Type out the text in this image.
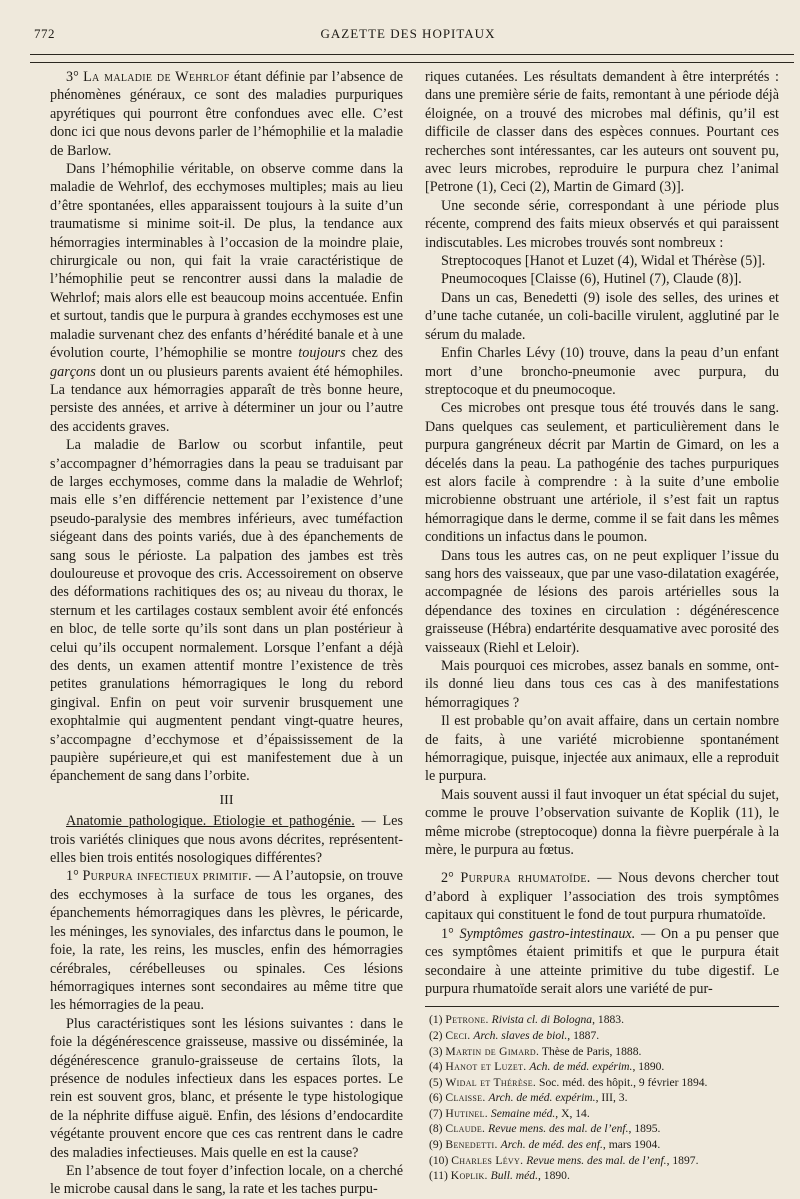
772	GAZETTE DES HOPITAUX

3° La maladie de Wehrlof étant définie par l’absence de phénomènes généraux, ce sont des maladies purpuriques apyrétiques qui pourront être confondues avec elle. C’est donc ici que nous devons parler de l’hémophilie et la maladie de Barlow.

Dans l’hémophilie véritable, on observe comme dans la maladie de Wehrlof, des ecchymoses multiples; mais au lieu d’être spontanées, elles apparaissent toujours à la suite d’un traumatisme si minime soit-il. De plus, la tendance aux hémorragies interminables à l’occasion de la moindre plaie, chirurgicale ou non, qui fait la vraie caractéristique de l’hémophilie peut se rencontrer aussi dans la maladie de Wehrlof; mais alors elle est beaucoup moins accentuée. Enfin et surtout, tandis que le purpura à grandes ecchymoses est une maladie survenant chez des enfants d’hérédité banale et à une évolution courte, l’hémophilie se montre toujours chez des garçons dont un ou plusieurs parents avaient été hémophiles. La tendance aux hémorragies apparaît de très bonne heure, persiste des années, et arrive à déterminer un jour ou l’autre des accidents graves.

La maladie de Barlow ou scorbut infantile, peut s’accompagner d’hémorragies dans la peau se traduisant par de larges ecchymoses, comme dans la maladie de Wehrlof; mais elle s’en différencie nettement par l’existence d’une pseudo-paralysie des membres inférieurs, avec tuméfaction siégeant dans des points variés, due à des épanchements de sang sous le périoste. La palpation des jambes est très douloureuse et provoque des cris. Accessoirement on observe des déformations rachitiques des os; au niveau du thorax, le sternum et les cartilages costaux semblent avoir été enfoncés en bloc, de telle sorte qu’ils sont dans un plan postérieur à celui qu’ils occupent normalement. Lorsque l’enfant a déjà des dents, un examen attentif montre l’existence de très petites granulations hémorragiques le long du rebord gingival. Enfin on peut voir survenir brusquement une exophtalmie qui augmentent pendant vingt-quatre heures, s’accompagne d’ecchymose et d’épaississement de la paupière supérieure,et qui est manifestement due à un épanchement de sang dans l’orbite.

III

Anatomie pathologique. Etiologie et pathogénie. — Les trois variétés cliniques que nous avons décrites, représentent-elles bien trois entités nosologiques différentes?

1° Purpura infectieux primitif. — A l’autopsie, on trouve des ecchymoses à la surface de tous les organes, des épanchements hémorragiques dans les plèvres, le péricarde, les méninges, les synoviales, des infarctus dans le poumon, le foie, la rate, les reins, les muscles, enfin des hémorragies cérébrales, cérébelleuses ou spinales. Ces lésions hémorragiques internes sont secondaires au même titre que les hémorragies de la peau.

Plus caractéristiques sont les lésions suivantes : dans le foie la dégénérescence graisseuse, massive ou disséminée, la dégénérescence granulo-graisseuse de certains îlots, la présence de nodules infectieux dans les espaces portes. Le rein est souvent gros, blanc, et présente le type histologique de la néphrite diffuse aiguë. Enfin, des lésions d’endocardite végétante prouvent encore que ces cas rentrent dans le cadre des maladies infectieuses. Mais quelle en est la cause?

En l’absence de tout foyer d’infection locale, on a cherché le microbe causal dans le sang, la rate et les taches purpu-

riques cutanées. Les résultats demandent à être interprétés : dans une première série de faits, remontant à une période déjà éloignée, on a trouvé des microbes mal définis, qu’il est difficile de classer dans des espèces connues. Pourtant ces recherches sont intéressantes, car les auteurs ont souvent pu, avec leurs microbes, reproduire le purpura chez l’animal [Petrone (1), Ceci (2), Martin de Gimard (3)].

Une seconde série, correspondant à une période plus récente, comprend des faits mieux observés et qui paraissent indiscutables. Les microbes trouvés sont nombreux :

Streptocoques [Hanot et Luzet (4), Widal et Thérèse (5)].

Pneumocoques [Claisse (6), Hutinel (7), Claude (8)].

Dans un cas, Benedetti (9) isole des selles, des urines et d’une tache cutanée, un coli-bacille virulent, agglutiné par le sérum du malade.

Enfin Charles Lévy (10) trouve, dans la peau d’un enfant mort d’une broncho-pneumonie avec purpura, du streptocoque et du pneumocoque.

Ces microbes ont presque tous été trouvés dans le sang. Dans quelques cas seulement, et particulièrement dans le purpura gangréneux décrit par Martin de Gimard, on les a décelés dans la peau. La pathogénie des taches purpuriques est alors facile à comprendre : à la suite d’une embolie microbienne obstruant une artériole, il s’est fait un raptus hémorragique dans le derme, comme il se fait dans les mêmes conditions un infactus dans le poumon.

Dans tous les autres cas, on ne peut expliquer l’issue du sang hors des vaisseaux, que par une vaso-dilatation exagérée, accompagnée de lésions des parois artérielles sous la dépendance des toxines en circulation : dégénérescence graisseuse (Hébra) endartérite desquamative avec porosité des vaisseaux (Riehl et Leloir).

Mais pourquoi ces microbes, assez banals en somme, ont-ils donné lieu dans tous ces cas à des manifestations hémorragiques ?

Il est probable qu’on avait affaire, dans un certain nombre de faits, à une variété microbienne spontanément hémorragique, puisque, injectée aux animaux, elle a reproduit le purpura.

Mais souvent aussi il faut invoquer un état spécial du sujet, comme le prouve l’observation suivante de Koplik (11), le même microbe (streptocoque) donna la fièvre puerpérale à la mère, le purpura au fœtus.

2° Purpura rhumatoïde. — Nous devons chercher tout d’abord à expliquer l’association des trois symptômes capitaux qui constituent le fond de tout purpura rhumatoïde.

1° Symptômes gastro-intestinaux. — On a pu penser que ces symptômes étaient primitifs et que le purpura était secondaire à une atteinte primitive du tube digestif. Le purpura rhumatoïde serait alors une variété de pur-

(1) Petrone. Rivista cl. di Bologna, 1883.
(2) Ceci. Arch. slaves de biol., 1887.
(3) Martin de Gimard. Thèse de Paris, 1888.
(4) Hanot et Luzet. Ach. de méd. expérim., 1890.
(5) Widal et Thérèse. Soc. méd. des hôpit., 9 février 1894.
(6) Claisse. Arch. de méd. expérim., III, 3.
(7) Hutinel. Semaine méd., X, 14.
(8) Claude. Revue mens. des mal. de l’enf., 1895.
(9) Benedetti. Arch. de méd. des enf., mars 1904.
(10) Charles Lévy. Revue mens. des mal. de l’enf., 1897.
(11) Koplik. Bull. méd., 1890.
